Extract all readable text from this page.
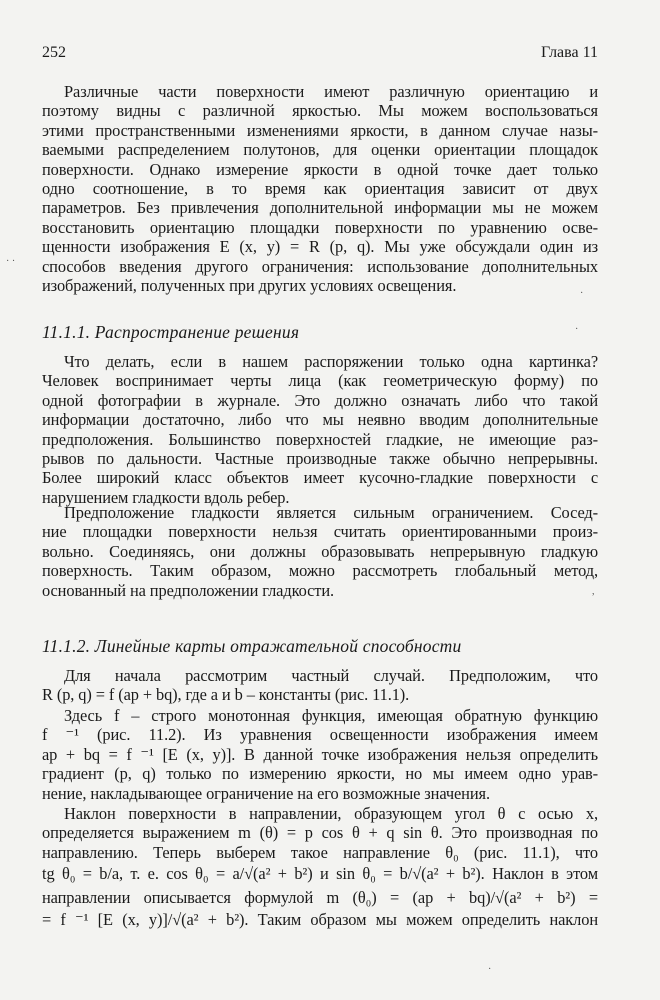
252	Глава 11
Различные части поверхности имеют различную ориентацию и
поэтому видны с различной яркостью. Мы можем воспользоваться
этими пространственными изменениями яркости, в данном случае назы-
ваемыми распределением полутонов, для оценки ориентации площадок
поверхности. Однако измерение яркости в одной точке дает только
одно соотношение, в то время как ориентация зависит от двух
параметров. Без привлечения дополнительной информации мы не можем
восстановить ориентацию площадки поверхности по уравнению осве-
щенности изображения E (x, y) = R (p, q). Мы уже обсуждали один из
способов введения другого ограничения: использование дополнительных
изображений, полученных при других условиях освещения.
11.1.1. Распространение решения
Что делать, если в нашем распоряжении только одна картинка?
Человек воспринимает черты лица (как геометрическую форму) по
одной фотографии в журнале. Это должно означать либо что такой
информации достаточно, либо что мы неявно вводим дополнительные
предположения. Большинство поверхностей гладкие, не имеющие раз-
рывов по дальности. Частные производные также обычно непрерывны.
Более широкий класс объектов имеет кусочно-гладкие поверхности с
нарушением гладкости вдоль ребер.
Предположение гладкости является сильным ограничением. Сосед-
ние площадки поверхности нельзя считать ориентированными произ-
вольно. Соединяясь, они должны образовывать непрерывную гладкую
поверхность. Таким образом, можно рассмотреть глобальный метод,
основанный на предположении гладкости.
11.1.2. Линейные карты отражательной способности
Для начала рассмотрим частный случай. Предположим, что
R (p, q) = f (ap + bq), где a и b – константы (рис. 11.1).
Здесь f – строго монотонная функция, имеющая обратную функцию
f ⁻¹ (рис. 11.2). Из уравнения освещенности изображения имеем
ap + bq = f ⁻¹ [E (x, y)]. В данной точке изображения нельзя определить
градиент (p, q) только по измерению яркости, но мы имеем одно урав-
нение, накладывающее ограничение на его возможные значения.
Наклон поверхности в направлении, образующем угол θ с осью x,
определяется выражением m (θ) = p cos θ + q sin θ. Это производная по
направлению. Теперь выберем такое направление θ₀ (рис. 11.1), что
tg θ₀ = b/a, т. е. cos θ₀ = a/√(a² + b²) и sin θ₀ = b/√(a² + b²). Наклон в этом
направлении описывается формулой m (θ₀) = (ap + bq)/√(a² + b²) =
= f ⁻¹ [E (x, y)]/√(a² + b²). Таким образом мы можем определить наклон
· ·
·
·
,
·
